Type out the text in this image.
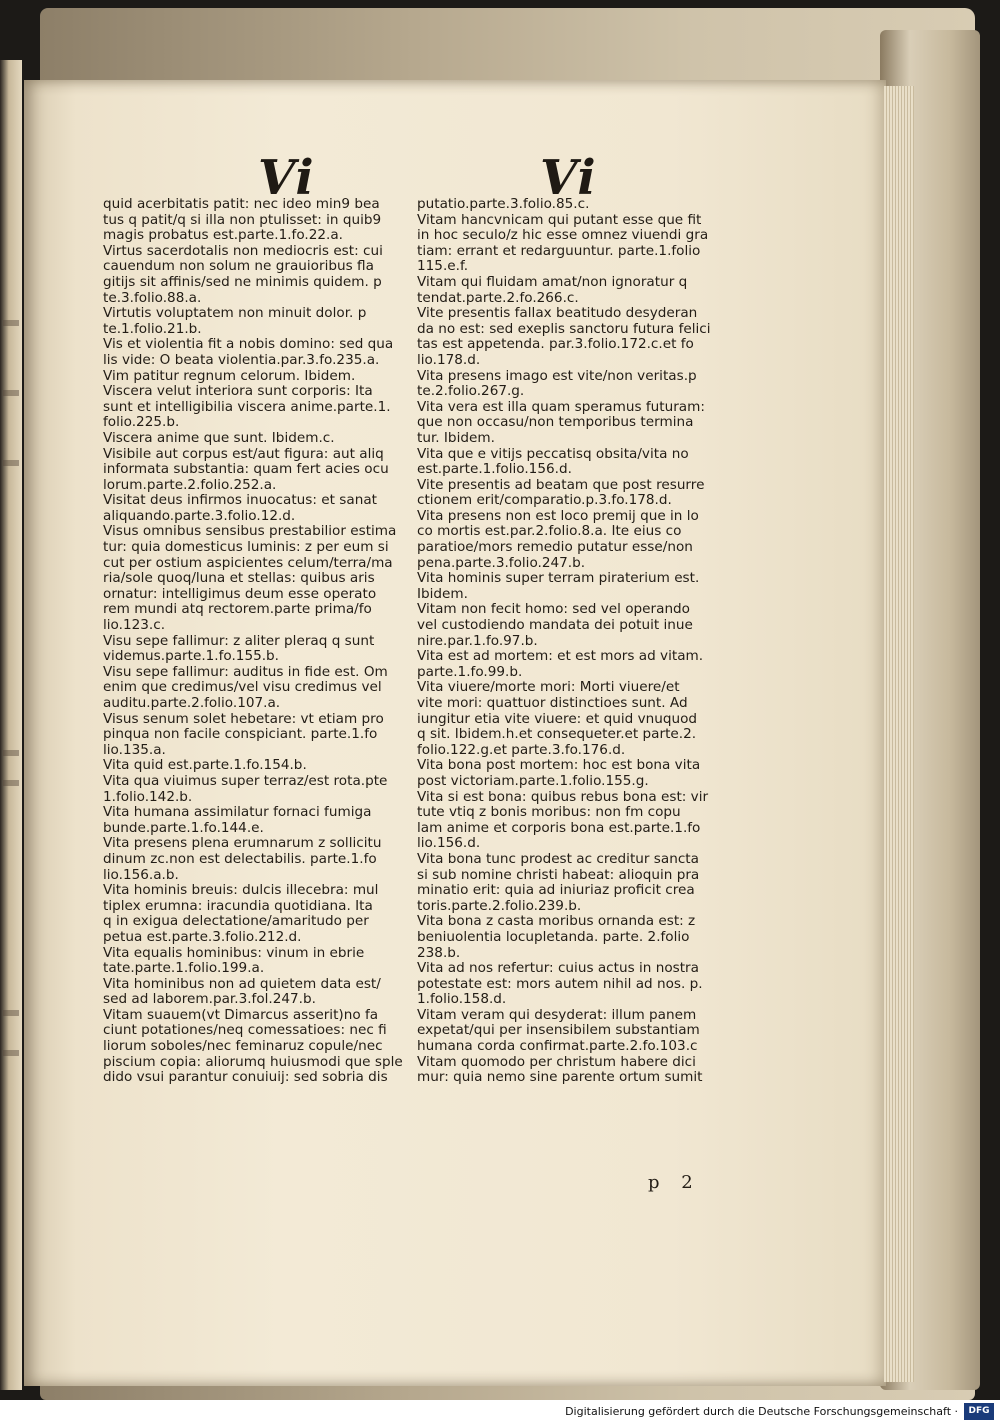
Vi	Vi
quid acerbitatis patit: nec ideo min9 bea
tus q patit/q si illa non ptulisset: in quib9
magis probatus est.parte.1.fo.22.a.
Virtus sacerdotalis non mediocris est: cui
cauendum non solum ne grauioribus fla
gitijs sit affinis/sed ne minimis quidem. p
te.3.folio.88.a.
Virtutis voluptatem non minuit dolor. p
te.1.folio.21.b.
Vis et violentia fit a nobis domino: sed qua
lis vide: O beata violentia.par.3.fo.235.a.
Vim patitur regnum celorum. Ibidem.
Viscera velut interiora sunt corporis: Ita
sunt et intelligibilia viscera anime.parte.1.
folio.225.b.
Viscera anime que sunt. Ibidem.c.
Visibile aut corpus est/aut figura: aut aliq
informata substantia: quam fert acies ocu
lorum.parte.2.folio.252.a.
Visitat deus infirmos inuocatus: et sanat
aliquando.parte.3.folio.12.d.
Visus omnibus sensibus prestabilior estima
tur: quia domesticus luminis: z per eum si
cut per ostium aspicientes celum/terra/ma
ria/sole quoq/luna et stellas: quibus aris
ornatur: intelligimus deum esse operato
rem mundi atq rectorem.parte prima/fo
lio.123.c.
Visu sepe fallimur: z aliter pleraq q sunt
videmus.parte.1.fo.155.b.
Visu sepe fallimur: auditus in fide est. Om
enim que credimus/vel visu credimus vel
auditu.parte.2.folio.107.a.
Visus senum solet hebetare: vt etiam pro
pinqua non facile conspiciant. parte.1.fo
lio.135.a.
Vita quid est.parte.1.fo.154.b.
Vita qua viuimus super terraz/est rota.pte
1.folio.142.b.
Vita humana assimilatur fornaci fumiga
bunde.parte.1.fo.144.e.
Vita presens plena erumnarum z sollicitu
dinum zc.non est delectabilis. parte.1.fo
lio.156.a.b.
Vita hominis breuis: dulcis illecebra: mul
tiplex erumna: iracundia quotidiana. Ita
q in exigua delectatione/amaritudo per
petua est.parte.3.folio.212.d.
Vita equalis hominibus: vinum in ebrie
tate.parte.1.folio.199.a.
Vita hominibus non ad quietem data est/
sed ad laborem.par.3.fol.247.b.
Vitam suauem(vt Dimarcus asserit)no fa
ciunt potationes/neq comessatioes: nec fi
liorum soboles/nec feminaruz copule/nec
piscium copia: aliorumq huiusmodi que sple
dido vsui parantur conuiuij: sed sobria dis
putatio.parte.3.folio.85.c.
Vitam hancvnicam qui putant esse que fit
in hoc seculo/z hic esse omnez viuendi gra
tiam: errant et redarguuntur. parte.1.folio
115.e.f.
Vitam qui fluidam amat/non ignoratur q
tendat.parte.2.fo.266.c.
Vite presentis fallax beatitudo desyderan
da no est: sed exeplis sanctoru futura felici
tas est appetenda. par.3.folio.172.c.et fo
lio.178.d.
Vita presens imago est vite/non veritas.p
te.2.folio.267.g.
Vita vera est illa quam speramus futuram:
que non occasu/non temporibus termina
tur. Ibidem.
Vita que e vitijs peccatisq obsita/vita no
est.parte.1.folio.156.d.
Vite presentis ad beatam que post resurre
ctionem erit/comparatio.p.3.fo.178.d.
Vita presens non est loco premij que in lo
co mortis est.par.2.folio.8.a. Ite eius co
paratioe/mors remedio putatur esse/non
pena.parte.3.folio.247.b.
Vita hominis super terram piraterium est.
Ibidem.
Vitam non fecit homo: sed vel operando
vel custodiendo mandata dei potuit inue
nire.par.1.fo.97.b.
Vita est ad mortem: et est mors ad vitam.
parte.1.fo.99.b.
Vita viuere/morte mori: Morti viuere/et
vite mori: quattuor distinctioes sunt. Ad
iungitur etia vite viuere: et quid vnuquod
q sit. Ibidem.h.et consequeter.et parte.2.
folio.122.g.et parte.3.fo.176.d.
Vita bona post mortem: hoc est bona vita
post victoriam.parte.1.folio.155.g.
Vita si est bona: quibus rebus bona est: vir
tute vtiq z bonis moribus: non fm copu
lam anime et corporis bona est.parte.1.fo
lio.156.d.
Vita bona tunc prodest ac creditur sancta
si sub nomine christi habeat: alioquin pra
minatio erit: quia ad iniuriaz proficit crea
toris.parte.2.folio.239.b.
Vita bona z casta moribus ornanda est: z
beniuolentia locupletanda. parte. 2.folio
238.b.
Vita ad nos refertur: cuius actus in nostra
potestate est: mors autem nihil ad nos. p.
1.folio.158.d.
Vitam veram qui desyderat: illum panem
expetat/qui per insensibilem substantiam
humana corda confirmat.parte.2.fo.103.c
Vitam quomodo per christum habere dici
mur: quia nemo sine parente ortum sumit
p 2
Digitalisierung gefördert durch die Deutsche Forschungsgemeinschaft ·	DFG
